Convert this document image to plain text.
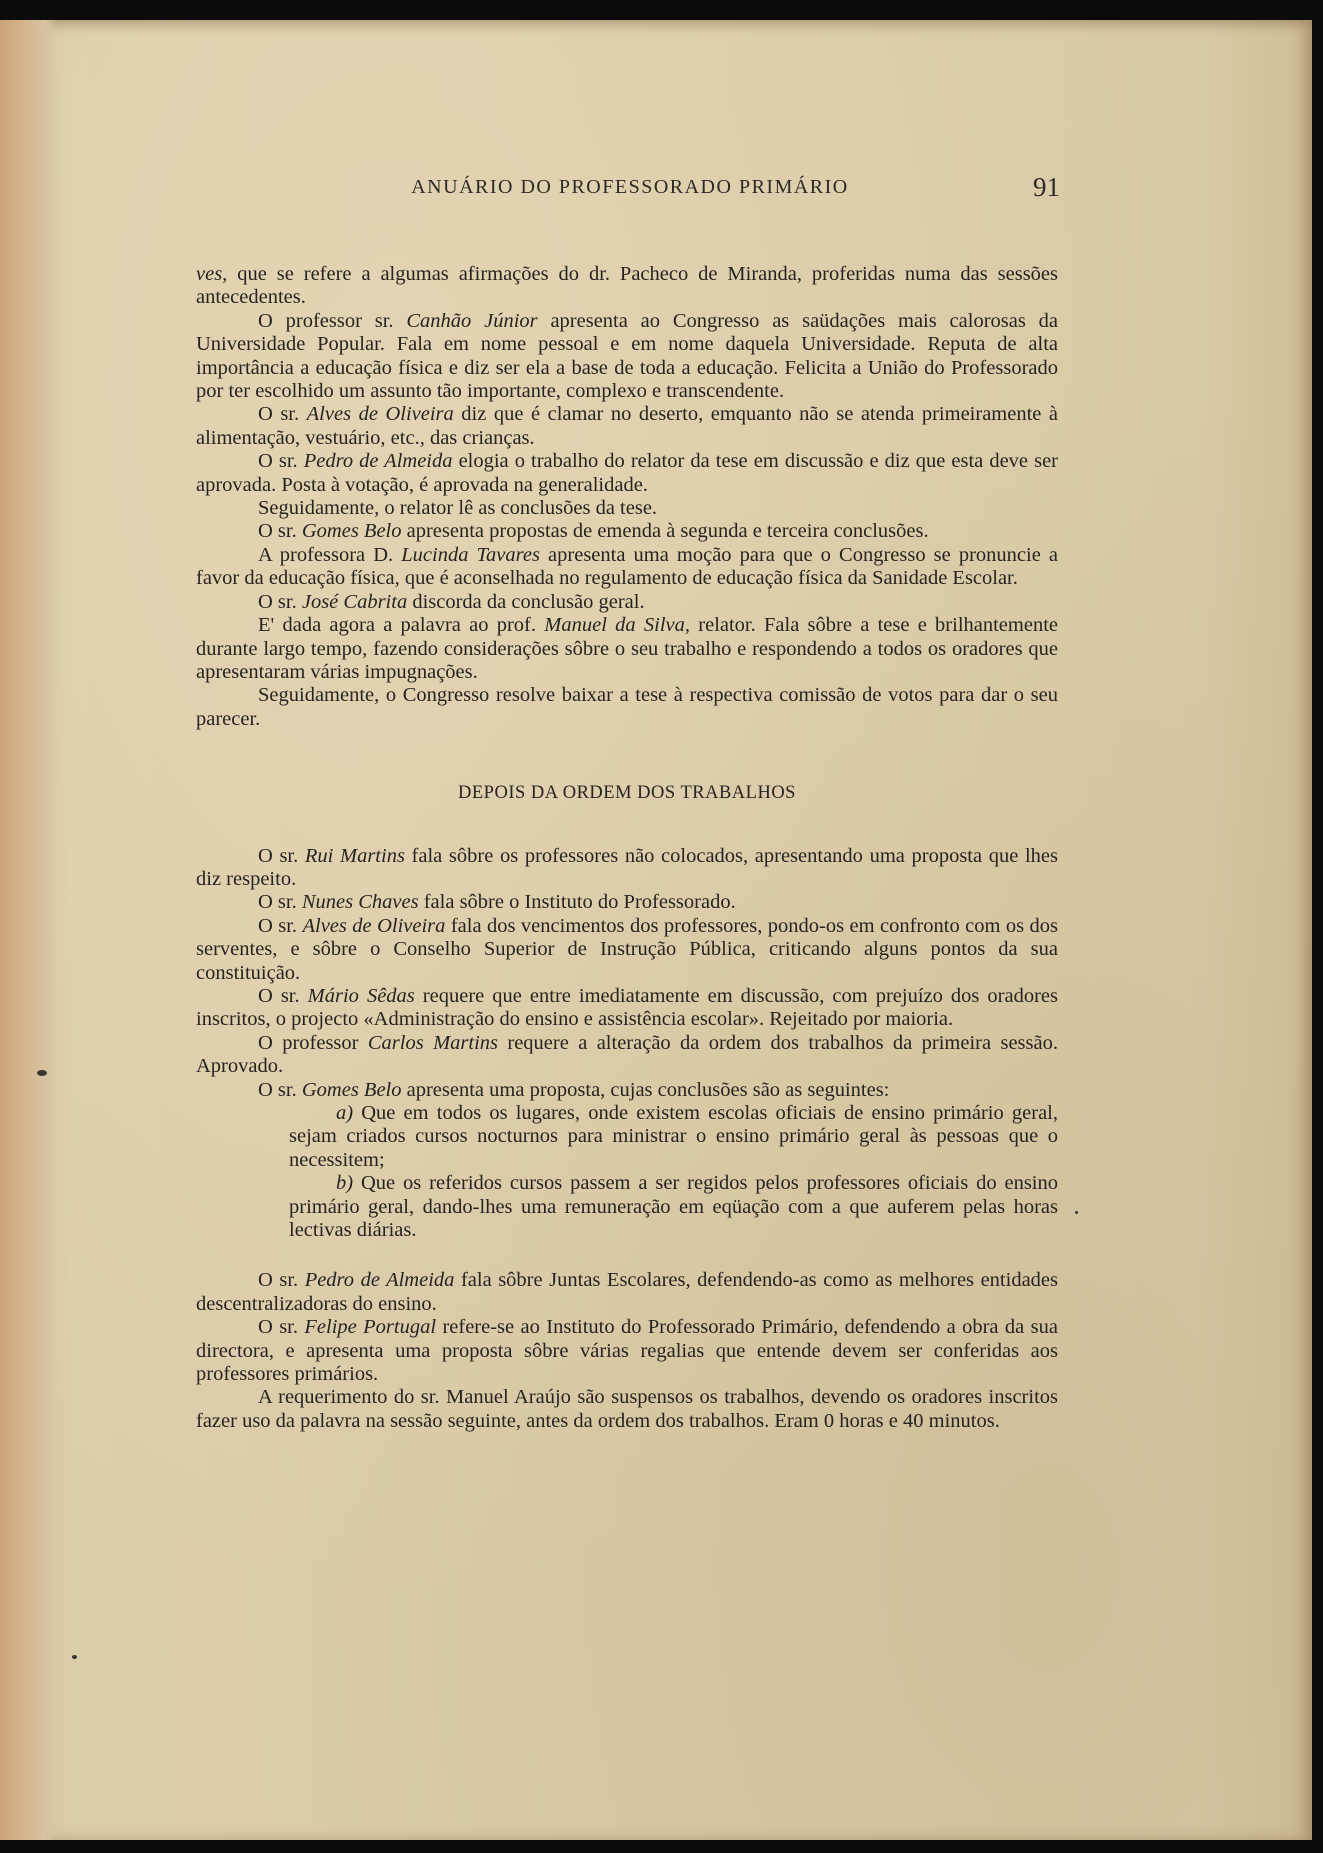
ANUÁRIO DO PROFESSORADO PRIMÁRIO	91

ves, que se refere a algumas afirmações do dr. Pacheco de Miranda, proferidas numa das sessões antecedentes.

O professor sr. Canhão Júnior apresenta ao Congresso as saüdações mais calorosas da Universidade Popular. Fala em nome pessoal e em nome daquela Universidade. Reputa de alta importância a educação física e diz ser ela a base de toda a educação. Felicita a União do Professorado por ter escolhido um assunto tão importante, complexo e transcendente.

O sr. Alves de Oliveira diz que é clamar no deserto, emquanto não se atenda primeiramente à alimentação, vestuário, etc., das crianças.

O sr. Pedro de Almeida elogia o trabalho do relator da tese em discussão e diz que esta deve ser aprovada. Posta à votação, é aprovada na generalidade.

Seguidamente, o relator lê as conclusões da tese.

O sr. Gomes Belo apresenta propostas de emenda à segunda e terceira conclusões.

A professora D. Lucinda Tavares apresenta uma moção para que o Congresso se pronuncie a favor da educação física, que é aconselhada no regulamento de educação física da Sanidade Escolar.

O sr. José Cabrita discorda da conclusão geral.

E' dada agora a palavra ao prof. Manuel da Silva, relator. Fala sôbre a tese e brilhantemente durante largo tempo, fazendo considerações sôbre o seu trabalho e respondendo a todos os oradores que apresentaram várias impugnações.

Seguidamente, o Congresso resolve baixar a tese à respectiva comissão de votos para dar o seu parecer.

DEPOIS DA ORDEM DOS TRABALHOS

O sr. Rui Martins fala sôbre os professores não colocados, apresentando uma proposta que lhes diz respeito.

O sr. Nunes Chaves fala sôbre o Instituto do Professorado.

O sr. Alves de Oliveira fala dos vencimentos dos professores, pondo-os em confronto com os dos serventes, e sôbre o Conselho Superior de Instrução Pública, criticando alguns pontos da sua constituição.

O sr. Mário Sêdas requere que entre imediatamente em discussão, com prejuízo dos oradores inscritos, o projecto «Administração do ensino e assistência escolar». Rejeitado por maioria.

O professor Carlos Martins requere a alteração da ordem dos trabalhos da primeira sessão. Aprovado.

O sr. Gomes Belo apresenta uma proposta, cujas conclusões são as seguintes:

a) Que em todos os lugares, onde existem escolas oficiais de ensino primário geral, sejam criados cursos nocturnos para ministrar o ensino primário geral às pessoas que o necessitem;

b) Que os referidos cursos passem a ser regidos pelos professores oficiais do ensino primário geral, dando-lhes uma remuneração em eqüação com a que auferem pelas horas lectivas diárias.

O sr. Pedro de Almeida fala sôbre Juntas Escolares, defendendo-as como as melhores entidades descentralizadoras do ensino.

O sr. Felipe Portugal refere-se ao Instituto do Professorado Primário, defendendo a obra da sua directora, e apresenta uma proposta sôbre várias regalias que entende devem ser conferidas aos professores primários.

A requerimento do sr. Manuel Araújo são suspensos os trabalhos, devendo os oradores inscritos fazer uso da palavra na sessão seguinte, antes da ordem dos trabalhos. Eram 0 horas e 40 minutos.
